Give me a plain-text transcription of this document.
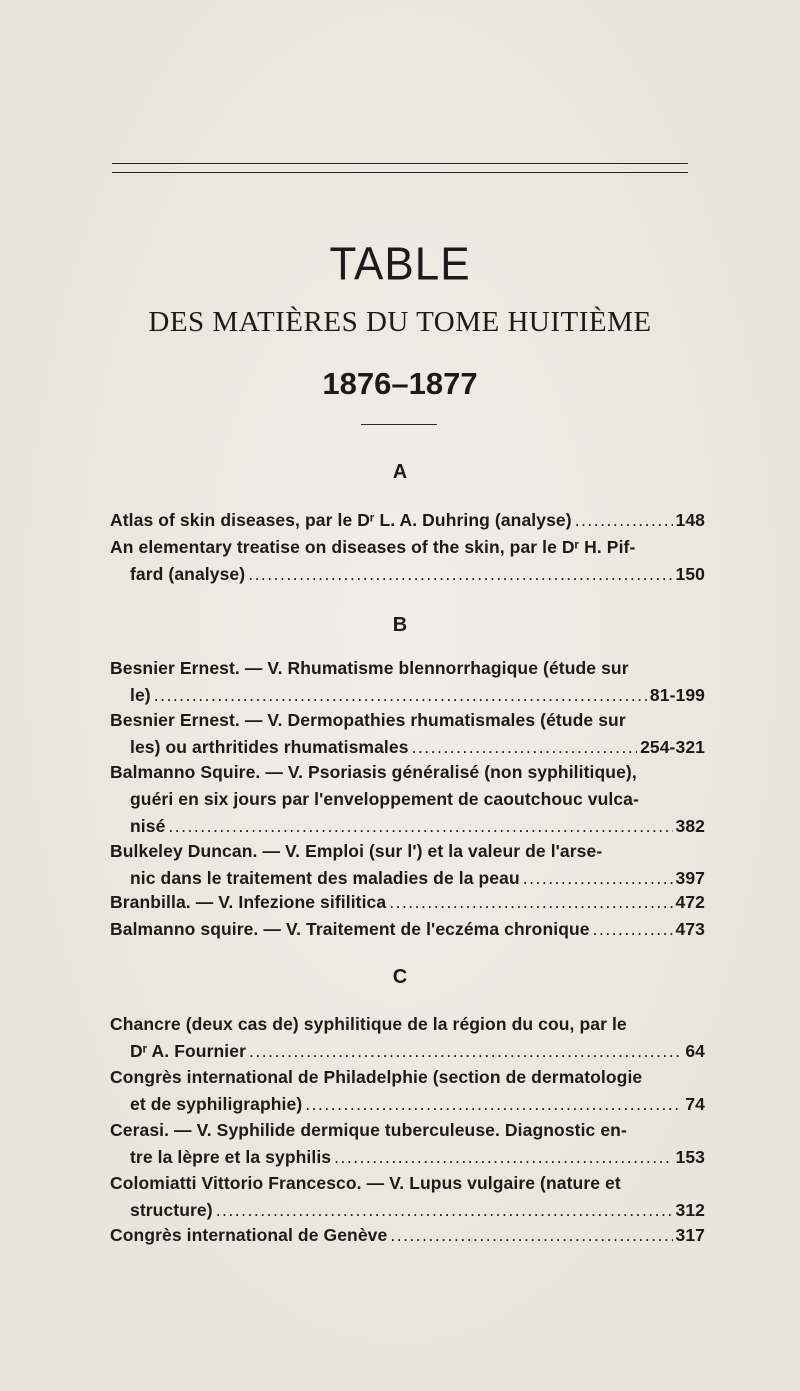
TABLE
DES MATIÈRES DU TOME HUITIÈME
1876–1877
A
Atlas of skin diseases, par le Dʳ L. A. Duhring (analyse) .....	148
An elementary treatise on diseases of the skin, par le Dʳ H. Pif-
fard (analyse) .....	150
B
Besnier Ernest. — V. Rhumatisme blennorrhagique (étude sur
le) .....	81-199
Besnier Ernest. — V. Dermopathies rhumatismales (étude sur
les) ou arthritides rhumatismales .....	254-321
Balmanno Squire. — V. Psoriasis généralisé (non syphilitique),
guéri en six jours par l'enveloppement de caoutchouc vulca-
nisé .....	382
Bulkeley Duncan. — V. Emploi (sur l') et la valeur de l'arse-
nic dans le traitement des maladies de la peau .....	397
Branbilla. — V. Infezione sifilitica .....	472
Balmanno squire. — V. Traitement de l'eczéma chronique .....	473
C
Chancre (deux cas de) syphilitique de la région du cou, par le
Dʳ A. Fournier .....	64
Congrès international de Philadelphie (section de dermatologie
et de syphiligraphie) .....	74
Cerasi. — V. Syphilide dermique tuberculeuse. Diagnostic en-
tre la lèpre et la syphilis .....	153
Colomiatti Vittorio Francesco. — V. Lupus vulgaire (nature et
structure) .....	312
Congrès international de Genève .....	317
